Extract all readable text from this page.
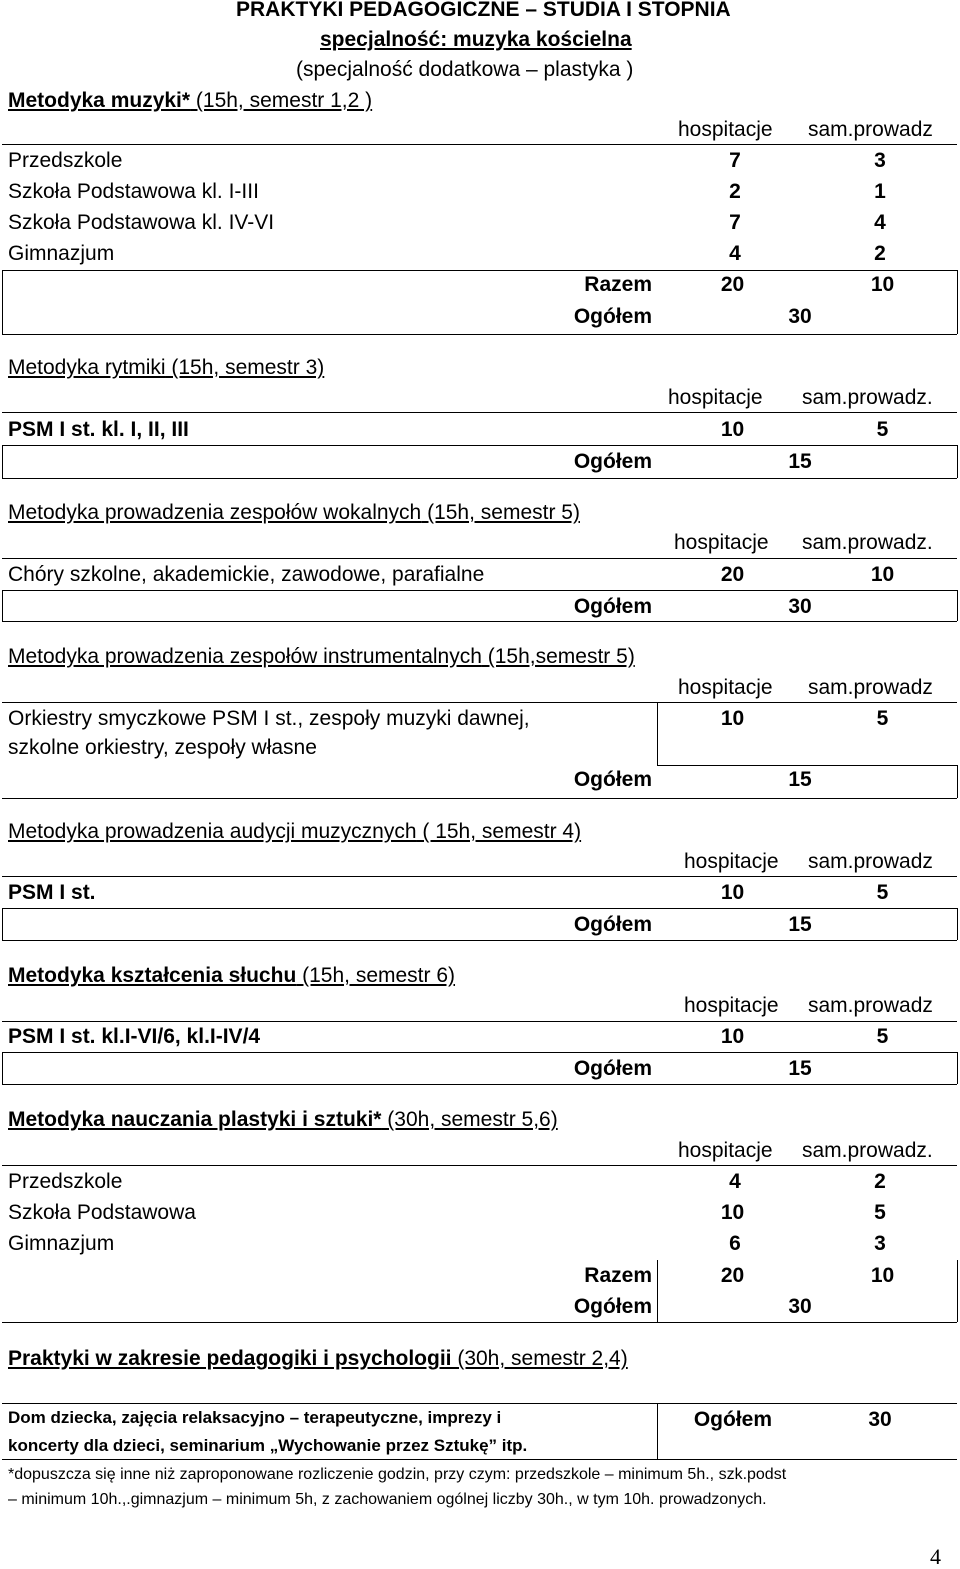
PRAKTYKI PEDAGOGICZNE – STUDIA I STOPNIA
specjalność: muzyka kościelna
(specjalność dodatkowa – plastyka )
Metodyka muzyki* (15h, semestr 1,2 )
hospitacje sam.prowadz
Przedszkole	7	3
Szkoła Podstawowa kl. I-III	2	1
Szkoła Podstawowa kl. IV-VI	7	4
Gimnazjum	4	2
Razem	20	10
Ogółem	30
Metodyka rytmiki (15h, semestr 3)
hospitacje sam.prowadz.
PSM I st. kl. I, II, III	10	5
Ogółem	15
Metodyka prowadzenia zespołów wokalnych (15h, semestr 5)
hospitacje sam.prowadz.
Chóry szkolne, akademickie, zawodowe, parafialne	20	10
Ogółem	30
Metodyka prowadzenia zespołów instrumentalnych (15h,semestr 5)
hospitacje sam.prowadz
Orkiestry smyczkowe PSM I st., zespoły muzyki dawnej,
szkolne orkiestry, zespoły własne
10	5
Ogółem	15
Metodyka prowadzenia audycji muzycznych ( 15h, semestr 4)
hospitacje sam.prowadz
PSM I st.	10	5
Ogółem	15
Metodyka kształcenia słuchu (15h, semestr 6)
hospitacje sam.prowadz
PSM I st. kl.I-VI/6, kl.I-IV/4	10	5
Ogółem	15
Metodyka nauczania plastyki i sztuki* (30h, semestr 5,6)
hospitacje sam.prowadz.
Przedszkole	4	2
Szkoła Podstawowa	10	5
Gimnazjum	6	3
Razem	20	10
Ogółem	30
Praktyki w zakresie pedagogiki i psychologii (30h, semestr 2,4)
Dom dziecka, zajęcia relaksacyjno – terapeutyczne, imprezy i
koncerty dla dzieci, seminarium „Wychowanie przez Sztukę” itp.
Ogółem	30
*dopuszcza się inne niż zaproponowane rozliczenie godzin, przy czym: przedszkole – minimum 5h., szk.podst
– minimum 10h.,.gimnazjum – minimum 5h, z zachowaniem ogólnej liczby 30h., w tym 10h. prowadzonych.
4
